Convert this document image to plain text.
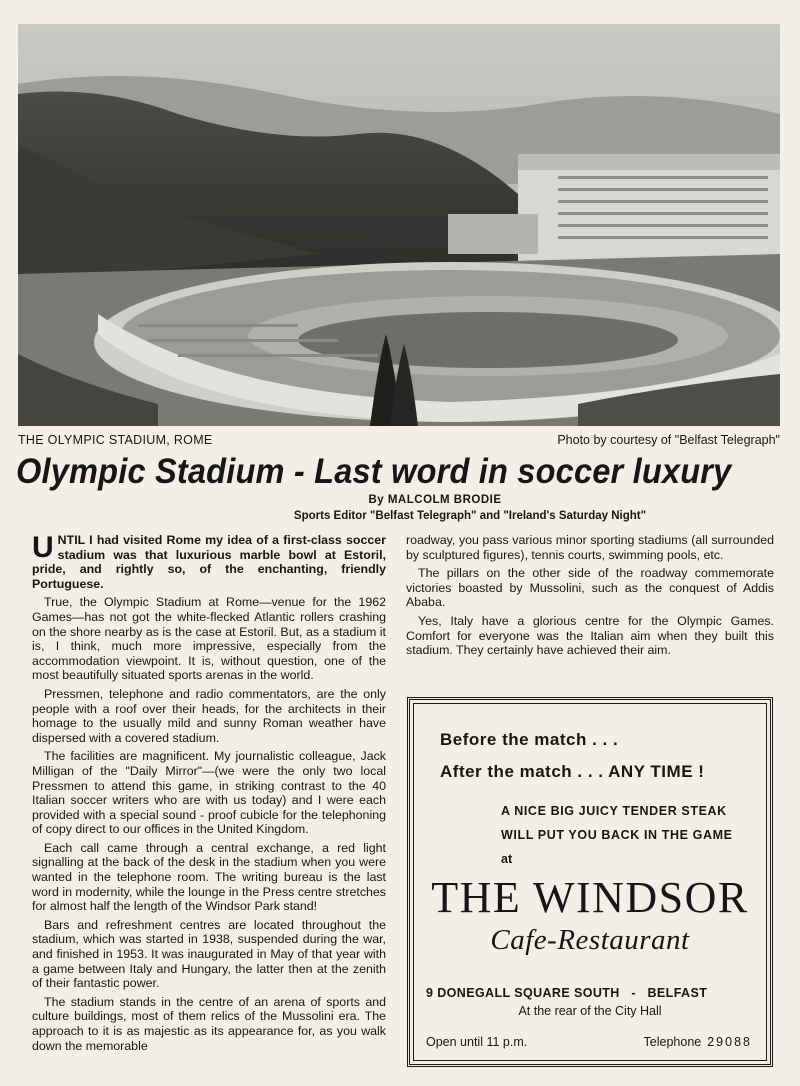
THE OLYMPIC STADIUM, ROME	Photo by courtesy of "Belfast Telegraph"
Olympic Stadium - Last word in soccer luxury
By MALCOLM BRODIE
Sports Editor "Belfast Telegraph" and "Ireland's Saturday Night"

UNTIL I had visited Rome my idea of a first-class soccer stadium was that luxurious marble bowl at Estoril, pride, and rightly so, of the enchanting, friendly Portuguese.

True, the Olympic Stadium at Rome—venue for the 1962 Games—has not got the white-flecked Atlantic rollers crashing on the shore nearby as is the case at Estoril. But, as a stadium it is, I think, much more impressive, especially from the accommodation viewpoint. It is, without question, one of the most beautifully situated sports arenas in the world.

Pressmen, telephone and radio commentators, are the only people with a roof over their heads, for the architects in their homage to the usually mild and sunny Roman weather have dispersed with a covered stadium.

The facilities are magnificent. My journalistic colleague, Jack Milligan of the "Daily Mirror"—(we were the only two local Pressmen to attend this game, in striking contrast to the 40 Italian soccer writers who are with us today) and I were each provided with a special sound - proof cubicle for the telephoning of copy direct to our offices in the United Kingdom.

Each call came through a central exchange, a red light signalling at the back of the desk in the stadium when you were wanted in the telephone room. The writing bureau is the last word in modernity, while the lounge in the Press centre stretches for almost half the length of the Windsor Park stand!

Bars and refreshment centres are located throughout the stadium, which was started in 1938, suspended during the war, and finished in 1953. It was inaugurated in May of that year with a game between Italy and Hungary, the latter then at the zenith of their fantastic power.

The stadium stands in the centre of an arena of sports and culture buildings, most of them relics of the Mussolini era. The approach to it is as majestic as its appearance for, as you walk down the memorable

roadway, you pass various minor sporting stadiums (all surrounded by sculptured figures), tennis courts, swimming pools, etc.

The pillars on the other side of the roadway commemorate victories boasted by Mussolini, such as the conquest of Addis Ababa.

Yes, Italy have a glorious centre for the Olympic Games. Comfort for everyone was the Italian aim when they built this stadium. They certainly have achieved their aim.

Before the match . . .
After the match . . . ANY TIME !
A NICE BIG JUICY TENDER STEAK
WILL PUT YOU BACK IN THE GAME
at
THE WINDSOR
Cafe-Restaurant
9 DONEGALL SQUARE SOUTH   -   BELFAST
At the rear of the City Hall
Open until 11 p.m.	Telephone 29088
